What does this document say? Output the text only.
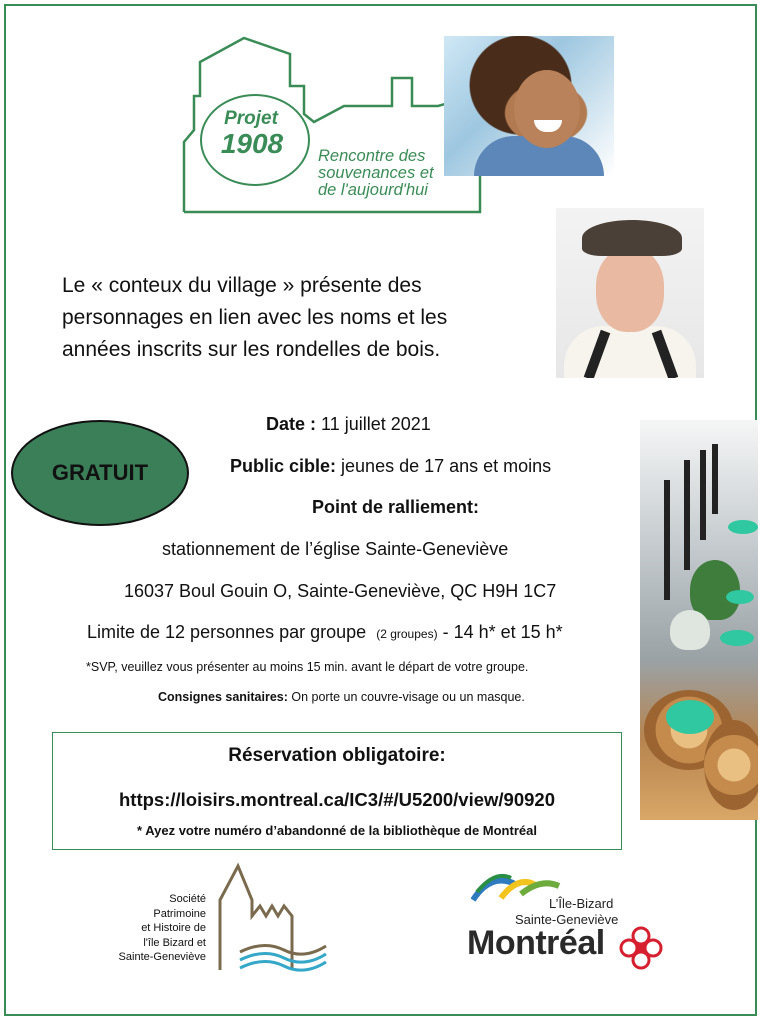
Projet
1908	Rencontre des
souvenances et
de l'aujourd'hui
Le « conteux du village » présente des
personnages en lien avec les noms et les
années inscrits sur les rondelles de bois.
GRATUIT
Date : 11 juillet 2021
Public cible: jeunes de 17 ans et moins
Point de ralliement:
stationnement de l’église Sainte-Geneviève
16037 Boul Gouin O, Sainte-Geneviève, QC H9H 1C7
Limite de 12 personnes par groupe (2 groupes) - 14 h* et 15 h*
*SVP, veuillez vous présenter au moins 15 min. avant le départ de votre groupe.
Consignes sanitaires: On porte un couvre-visage ou un masque.
Réservation obligatoire:
https://loisirs.montreal.ca/IC3/#/U5200/view/90920
* Ayez votre numéro d’abandonné de la bibliothèque de Montréal
Société
Patrimoine
et Histoire de
l'île Bizard et
Sainte-Geneviève
L’Île-Bizard
Sainte-Geneviève
Montréal
